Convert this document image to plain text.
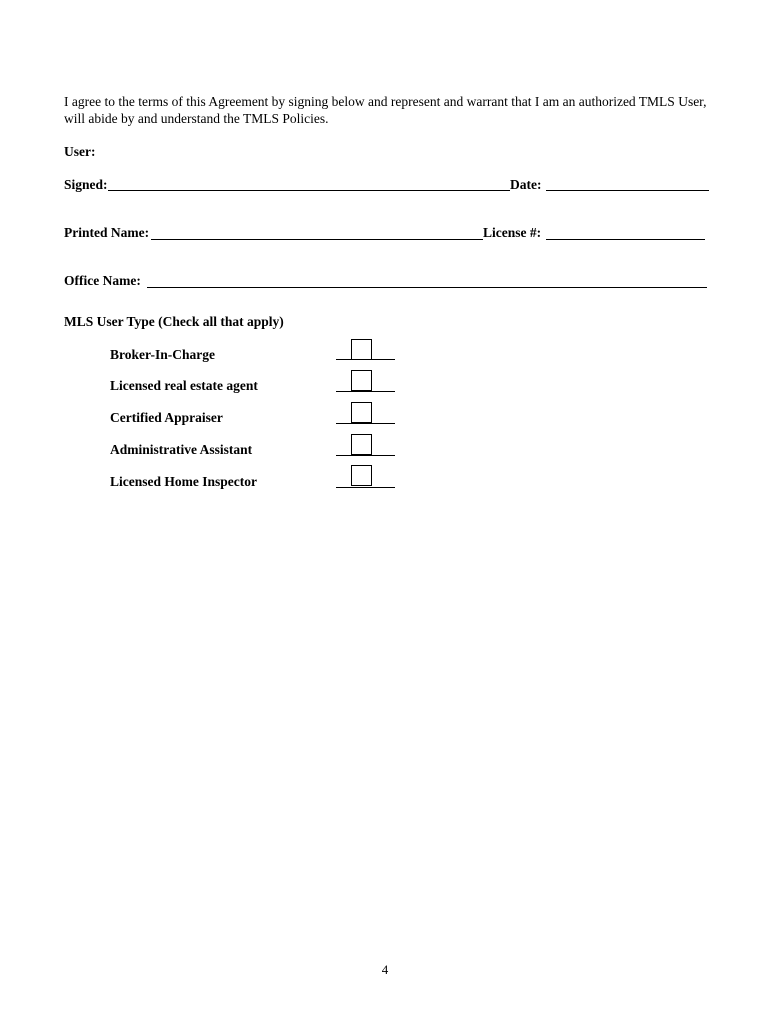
I agree to the terms of this Agreement by signing below and represent and warrant that I am an authorized TMLS User, will abide by and understand the TMLS Policies.
User:
Signed:	Date:
Printed Name:	License #:
Office Name:
MLS User Type (Check all that apply)
Broker-In-Charge
Licensed real estate agent
Certified Appraiser
Administrative Assistant
Licensed Home Inspector
4
